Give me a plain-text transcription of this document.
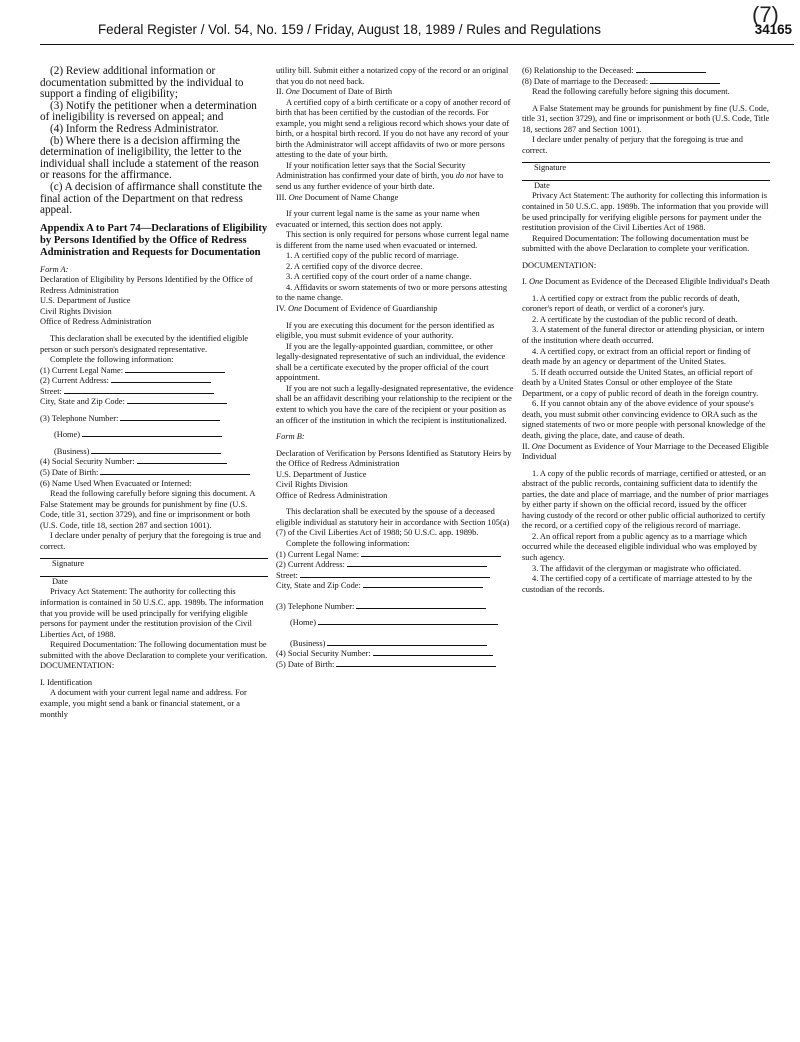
(7)
Federal Register / Vol. 54, No. 159 / Friday, August 18, 1989 / Rules and Regulations	34165

(2) Review additional information or documentation submitted by the individual to support a finding of eligibility;

(3) Notify the petitioner when a determination of ineligibility is reversed on appeal; and

(4) Inform the Redress Administrator.

(b) Where there is a decision affirming the determination of ineligibility, the letter to the individual shall include a statement of the reason or reasons for the affirmance.

(c) A decision of affirmance shall constitute the final action of the Department on that redress appeal.

Appendix A to Part 74—Declarations of Eligibility by Persons Identified by the Office of Redress Administration and Requests for Documentation

Form A:

Declaration of Eligibility by Persons Identified by the Office of Redress Administration

U.S. Department of Justice

Civil Rights Division

Office of Redress Administration

This declaration shall be executed by the identified eligible person or such person's designated representative.

Complete the following information:

(1) Current Legal Name:

(2) Current Address:

Street:

City, State and Zip Code:

(3) Telephone Number:

(Home)

(Business)

(4) Social Security Number:

(5) Date of Birth:

(6) Name Used When Evacuated or Interned:

Read the following carefully before signing this document. A False Statement may be grounds for punishment by fine (U.S. Code, title 31, section 3729), and fine or imprisonment or both (U.S. Code, title 18, section 287 and section 1001).

I declare under penalty of perjury that the foregoing is true and correct.

Signature

Date

Privacy Act Statement: The authority for collecting this information is contained in 50 U.S.C. app. 1989b. The information that you provide will be used principally for verifying eligible persons for payment under the restitution provision of the Civil Liberties Act, of 1988.

Required Documentation: The following documentation must be submitted with the above Declaration to complete your verification.

DOCUMENTATION:

I. Identification

A document with your current legal name and address. For example, you might send a bank or financial statement, or a monthly

utility bill. Submit either a notarized copy of the record or an original that you do not need back.

II. One Document of Date of Birth

A certified copy of a birth certificate or a copy of another record of birth that has been certified by the custodian of the records. For example, you might send a religious record which shows your date of birth, or a hospital birth record. If you do not have any record of your birth the Administrator will accept affidavits of two or more persons attesting to the date of your birth.

If your notification letter says that the Social Security Administration has confirmed your date of birth, you do not have to send us any further evidence of your birth date.

III. One Document of Name Change

If your current legal name is the same as your name when evacuated or interned, this section does not apply.

This section is only required for persons whose current legal name is different from the name used when evacuated or interned.

1. A certified copy of the public record of marriage.

2. A certified copy of the divorce decree.

3. A certified copy of the court order of a name change.

4. Affidavits or sworn statements of two or more persons attesting to the name change.

IV. One Document of Evidence of Guardianship

If you are executing this document for the person identified as eligible, you must submit evidence of your authority.

If you are the legally-appointed guardian, committee, or other legally-designated representative of such an individual, the evidence shall be a certificate executed by the proper official of the court appointment.

If you are not such a legally-designated representative, the evidence shall be an affidavit describing your relationship to the recipient or the extent to which you have the care of the recipient or your position as an officer of the institution in which the recipient is institutionalized.

Form B:

Declaration of Verification by Persons Identified as Statutory Heirs by the Office of Redress Administration

U.S. Department of Justice

Civil Rights Division

Office of Redress Administration

This declaration shall be executed by the spouse of a deceased eligible individual as statutory heir in accordance with Section 105(a)(7) of the Civil Liberties Act of 1988; 50 U.S.C. app. 1989b.

Complete the following information:

(1) Current Legal Name:

(2) Current Address:

Street:

City, State and Zip Code:

(3) Telephone Number:

(Home)

(Business)

(4) Social Security Number:

(5) Date of Birth:

(6) Relationship to the Deceased:

(8) Date of marriage to the Deceased:

Read the following carefully before signing this document.

A False Statement may be grounds for punishment by fine (U.S. Code, title 31, section 3729), and fine or imprisonment or both (U.S. Code, Title 18, sections 287 and Section 1001).

I declare under penalty of perjury that the foregoing is true and correct.

Signature

Date

Privacy Act Statement: The authority for collecting this information is contained in 50 U.S.C. app. 1989b. The information that you provide will be used principally for verifying eligible persons for payment under the restitution provision of the Civil Liberties Act of 1988.

Required Documentation: The following documentation must be submitted with the above Declaration to complete your verification.

DOCUMENTATION:

I. One Document as Evidence of the Deceased Eligible Individual's Death

1. A certified copy or extract from the public records of death, coroner's report of death, or verdict of a coroner's jury.

2. A certificate by the custodian of the public record of death.

3. A statement of the funeral director or attending physician, or intern of the institution where death occurred.

4. A certified copy, or extract from an official report or finding of death made by an agency or department of the United States.

5. If death occurred outside the United States, an official report of death by a United States Consul or other employee of the State Department, or a copy of public record of death in the foreign country.

6. If you cannot obtain any of the above evidence of your spouse's death, you must submit other convincing evidence to ORA such as the signed statements of two or more people with personal knowledge of the death, giving the place, date, and cause of death.

II. One Document as Evidence of Your Marriage to the Deceased Eligible Individual

1. A copy of the public records of marriage, certified or attested, or an abstract of the public records, containing sufficient data to identify the parties, the date and place of marriage, and the number of prior marriages by either party if shown on the official record, issued by the officer having custody of the record or other public official authorized to certify the record, or a certified copy of the religious record of marriage.

2. An offical report from a public agency as to a marriage which occurred while the deceased eligible individual who was employed by such agency.

3. The affidavit of the clergyman or magistrate who officiated.

4. The certified copy of a certificate of marriage attested to by the custodian of the records.
